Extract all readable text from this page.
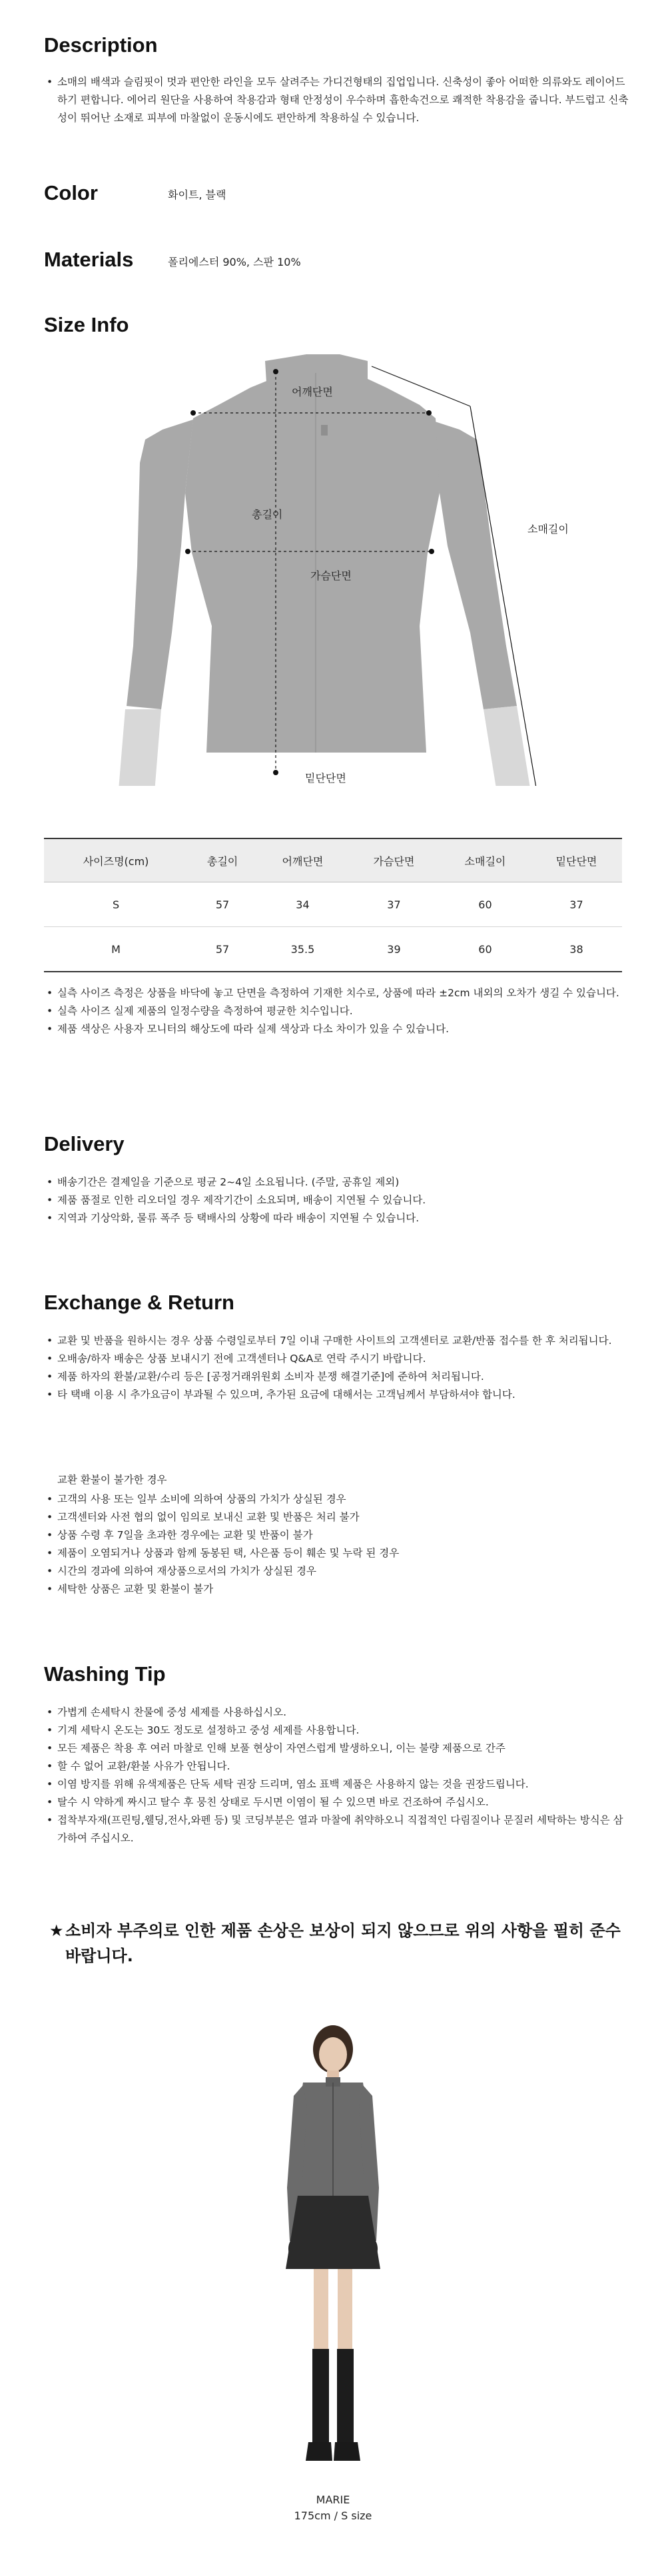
Description
• 소매의 배색과 슬림핏이 멋과 편안한 라인을 모두 살려주는 가디건형태의 집업입니다. 신축성이 좋아 어떠한 의류와도 레이어드하기 편합니다. 에어리 원단을 사용하여 착용감과 형태 안정성이 우수하며 흡한속건으로 쾌적한 착용감을 줍니다. 부드럽고 신축성이 뛰어난 소재로 피부에 마찰없이 운동시에도 편안하게 착용하실 수 있습니다.
Color	화이트, 블랙
Materials	폴리에스터 90%, 스판 10%
Size Info
어깨단면
총길이
가슴단면
소매길이
밑단단면
사이즈명(cm)	총길이	어깨단면	가슴단면	소매길이	밑단단면
S	57	34	37	60	37
M	57	35.5	39	60	38
• 실측 사이즈 측정은 상품을 바닥에 놓고 단면을 측정하여 기재한 치수로, 상품에 따라 ±2cm 내외의 오차가 생길 수 있습니다.
• 실측 사이즈 실제 제품의 일정수량을 측정하여 평균한 치수입니다.
• 제품 색상은 사용자 모니터의 해상도에 따라 실제 색상과 다소 차이가 있을 수 있습니다.
Delivery
• 배송기간은 결제일을 기준으로 평균 2~4일 소요됩니다. (주말, 공휴일 제외)
• 제품 품절로 인한 리오더일 경우 제작기간이 소요되며, 배송이 지연될 수 있습니다.
• 지역과 기상악화, 물류 폭주 등 택배사의 상황에 따라 배송이 지연될 수 있습니다.
Exchange & Return
• 교환 및 반품을 원하시는 경우 상품 수령일로부터 7일 이내 구매한 사이트의 고객센터로 교환/반품 접수를 한 후 처리됩니다.
• 오배송/하자 배송은 상품 보내시기 전에 고객센터나 Q&A로 연락 주시기 바랍니다.
• 제품 하자의 환불/교환/수리 등은 [공정거래위원회 소비자 분쟁 해결기준]에 준하여 처리됩니다.
• 타 택배 이용 시 추가요금이 부과될 수 있으며, 추가된 요금에 대해서는 고객님께서 부담하셔야 합니다.
교환 환불이 불가한 경우
• 고객의 사용 또는 일부 소비에 의하여 상품의 가치가 상실된 경우
• 고객센터와 사전 협의 없이 임의로 보내신 교환 및 반품은 처리 불가
• 상품 수령 후 7일을 초과한 경우에는 교환 및 반품이 불가
• 제품이 오염되거나 상품과 함께 동봉된 택, 사은품 등이 훼손 및 누락 된 경우
• 시간의 경과에 의하여 재상품으로서의 가치가 상실된 경우
• 세탁한 상품은 교환 및 환불이 불가
Washing Tip
• 가볍게 손세탁시 찬물에 중성 세제를 사용하십시오.
• 기계 세탁시 온도는 30도 정도로 설정하고 중성 세제를 사용합니다.
• 모든 제품은 착용 후 여러 마찰로 인해 보풀 현상이 자연스럽게 발생하오니, 이는 불량 제품으로 간주
• 할 수 없어 교환/환불 사유가 안됩니다.
• 이염 방지를 위해 유색제품은 단독 세탁 권장 드리며, 염소 표백 제품은 사용하지 않는 것을 권장드립니다.
• 탈수 시 약하게 짜시고 탈수 후 뭉친 상태로 두시면 이염이 될 수 있으면 바로 건조하여 주십시오.
• 접착부자재(프린팅,웰딩,전사,와펜 등) 및 코딩부분은 열과 마찰에 취약하오니 직접적인 다림질이나 문질러 세탁하는 방식은 삼가하여 주십시오.
★ 소비자 부주의로 인한 제품 손상은 보상이 되지 않으므로 위의 사항을 필히 준수 바랍니다.
MARIE
175cm / S size
